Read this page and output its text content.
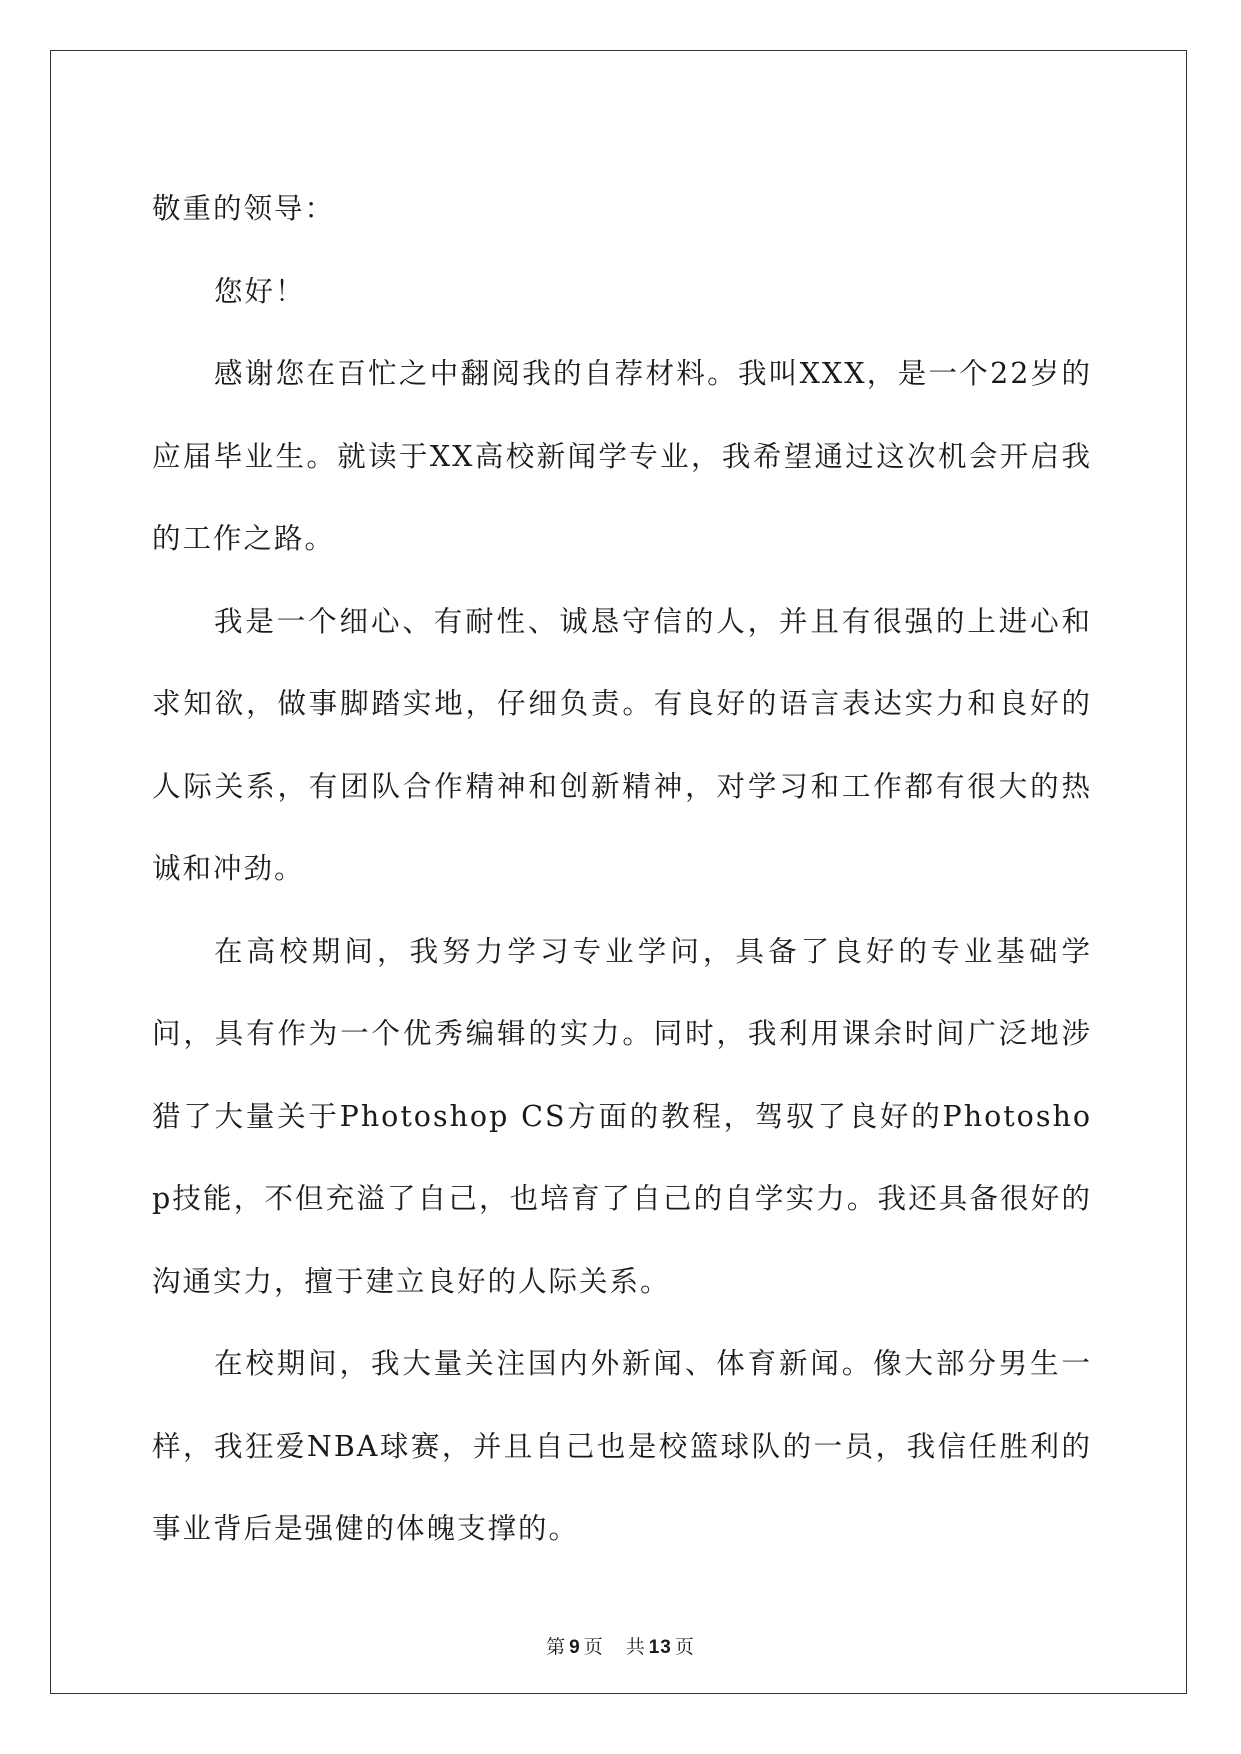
敬重的领导：

您好！

感谢您在百忙之中翻阅我的自荐材料。我叫XXX，是一个22岁的应届毕业生。就读于XX高校新闻学专业，我希望通过这次机会开启我的工作之路。

我是一个细心、有耐性、诚恳守信的人，并且有很强的上进心和求知欲，做事脚踏实地，仔细负责。有良好的语言表达实力和良好的人际关系，有团队合作精神和创新精神，对学习和工作都有很大的热诚和冲劲。

在高校期间，我努力学习专业学问，具备了良好的专业基础学问，具有作为一个优秀编辑的实力。同时，我利用课余时间广泛地涉猎了大量关于Photoshop CS方面的教程，驾驭了良好的Photoshop技能，不但充溢了自己，也培育了自己的自学实力。我还具备很好的沟通实力，擅于建立良好的人际关系。

在校期间，我大量关注国内外新闻、体育新闻。像大部分男生一样，我狂爱NBA球赛，并且自己也是校篮球队的一员，我信任胜利的事业背后是强健的体魄支撑的。

第 9 页 共 13 页
